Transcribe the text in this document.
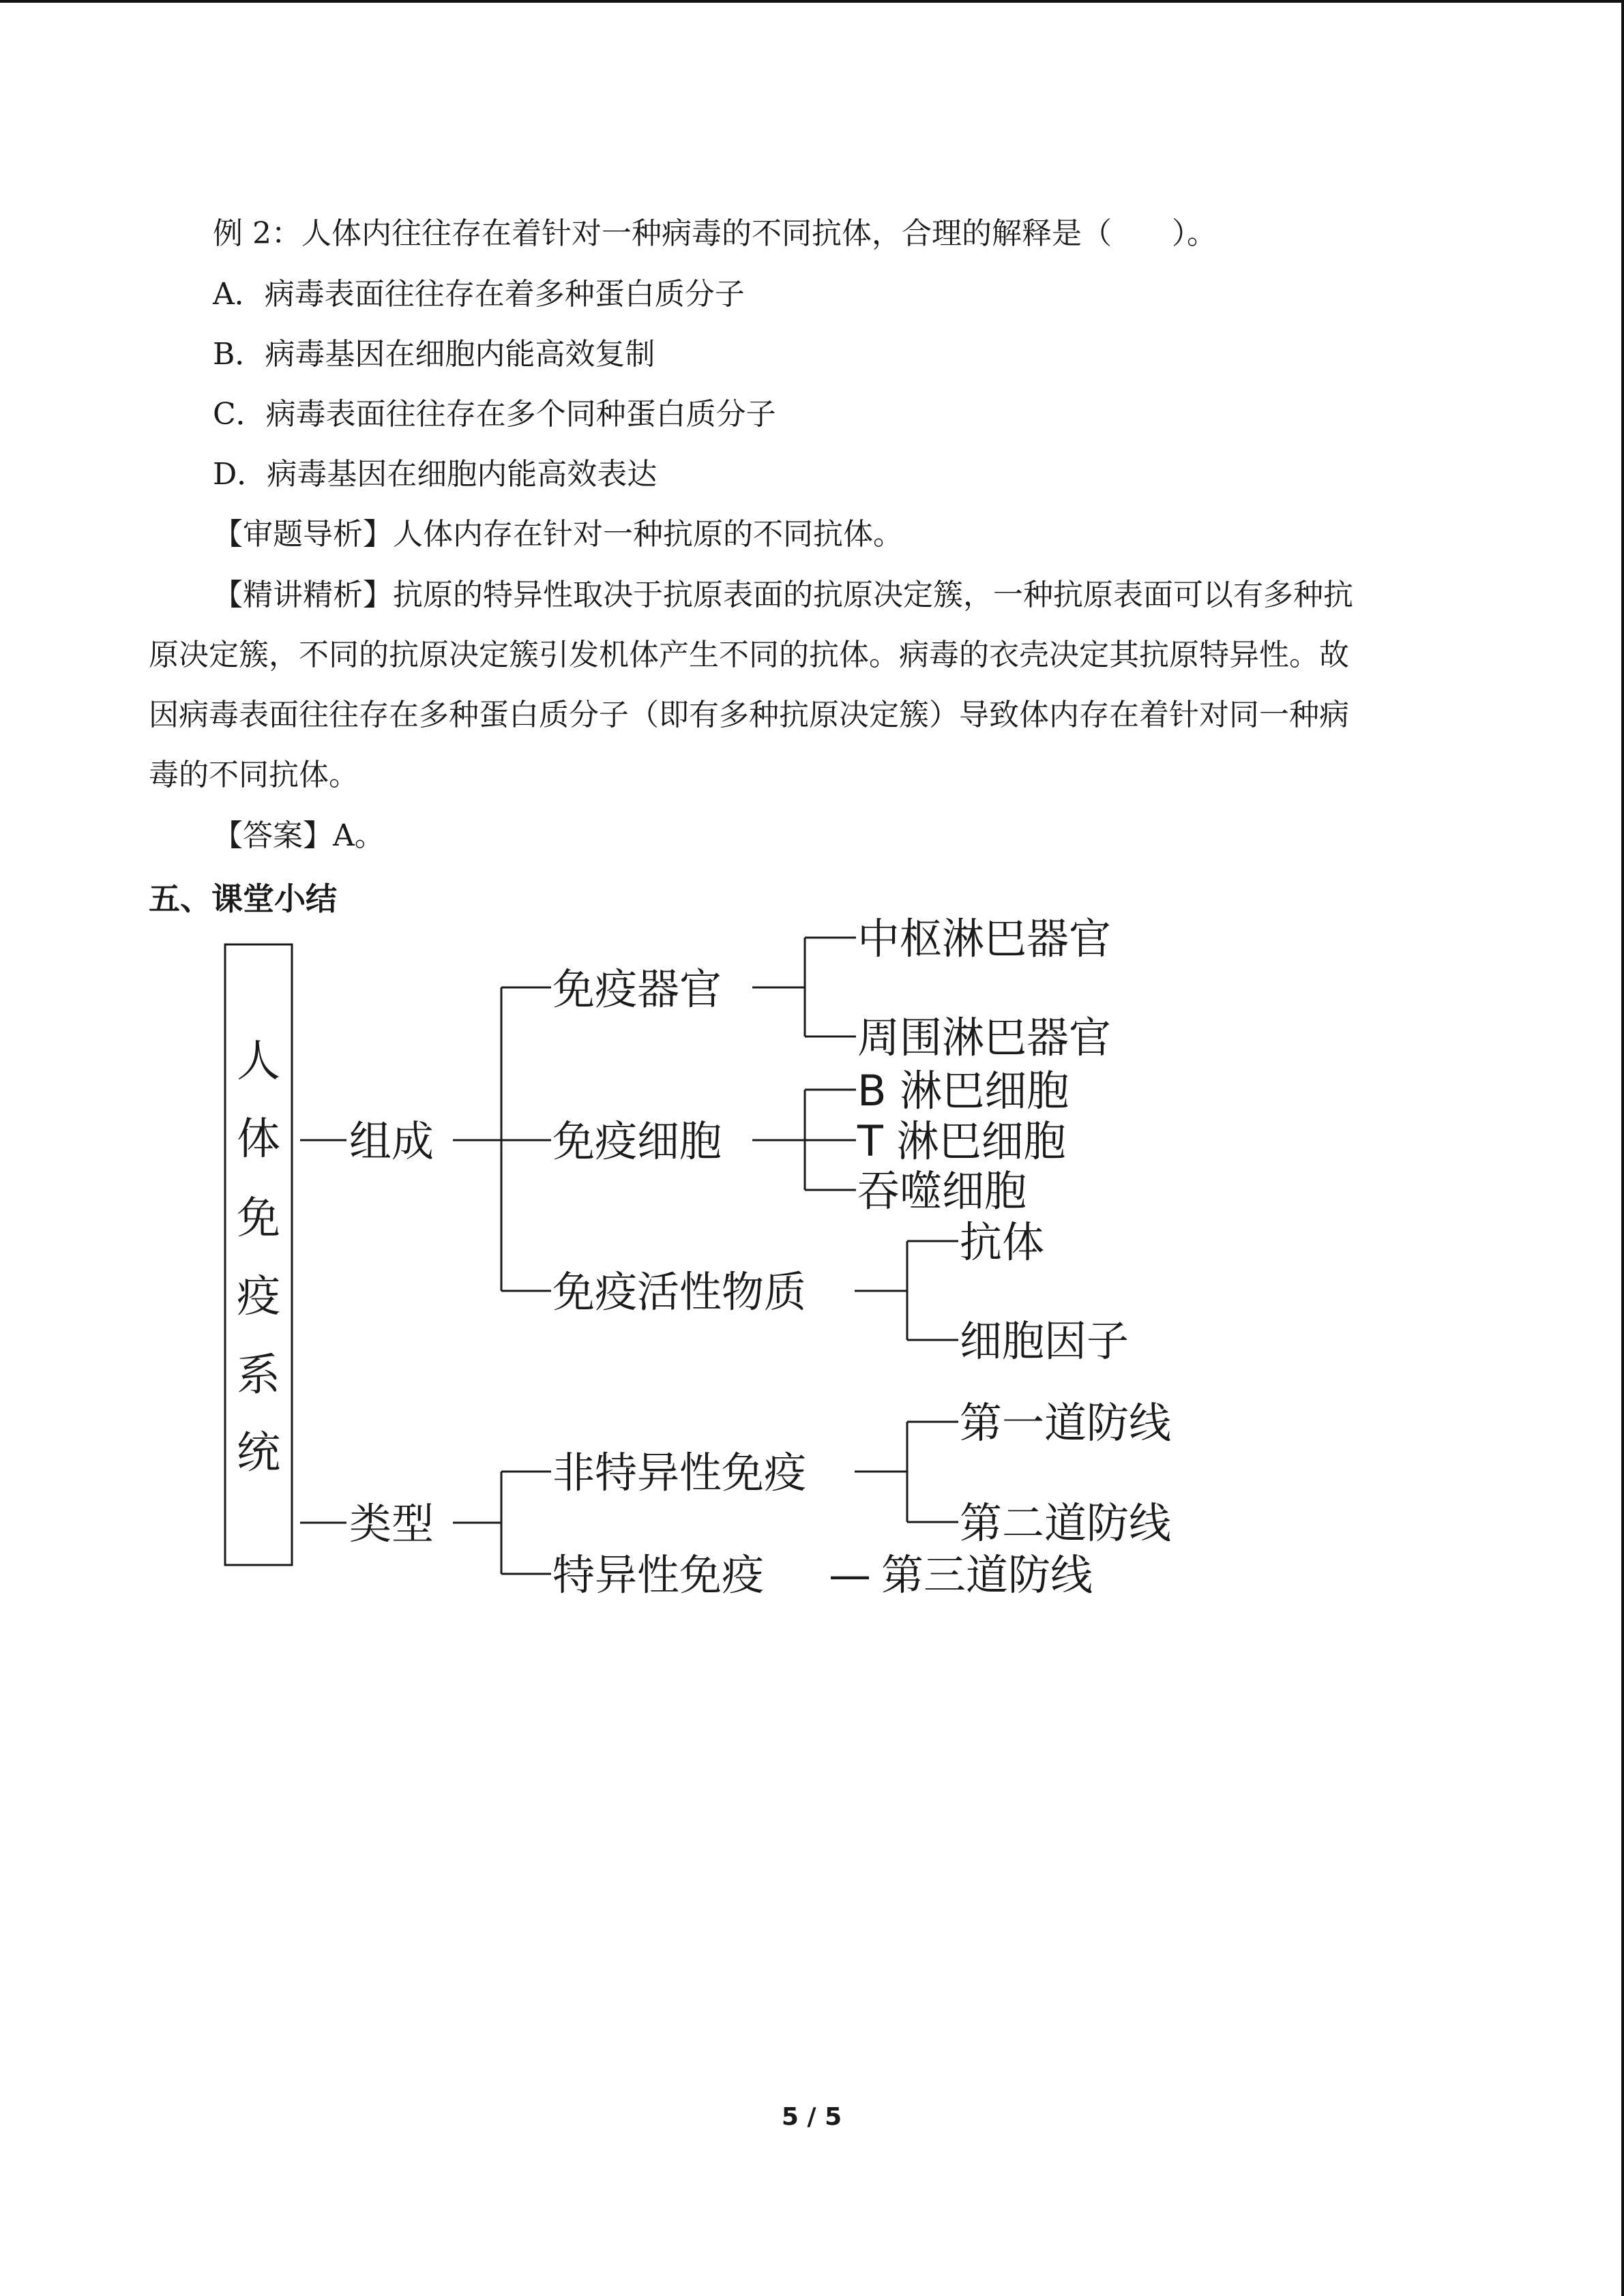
例 2：人体内往往存在着针对一种病毒的不同抗体，合理的解释是（　　）。
A．病毒表面往往存在着多种蛋白质分子
B．病毒基因在细胞内能高效复制
C．病毒表面往往存在多个同种蛋白质分子
D．病毒基因在细胞内能高效表达
【审题导析】人体内存在针对一种抗原的不同抗体。
【精讲精析】抗原的特异性取决于抗原表面的抗原决定簇，一种抗原表面可以有多种抗
原决定簇，不同的抗原决定簇引发机体产生不同的抗体。病毒的衣壳决定其抗原特异性。故
因病毒表面往往存在多种蛋白质分子（即有多种抗原决定簇）导致体内存在着针对同一种病
毒的不同抗体。
【答案】A。
五、课堂小结
人
体
免
疫
系
统
组成
免疫器官
中枢淋巴器官
周围淋巴器官
免疫细胞
B 淋巴细胞
T 淋巴细胞
吞噬细胞
免疫活性物质
抗体
细胞因子
类型
非特异性免疫
第一道防线
第二道防线
特异性免疫 — 第三道防线
5 / 5
